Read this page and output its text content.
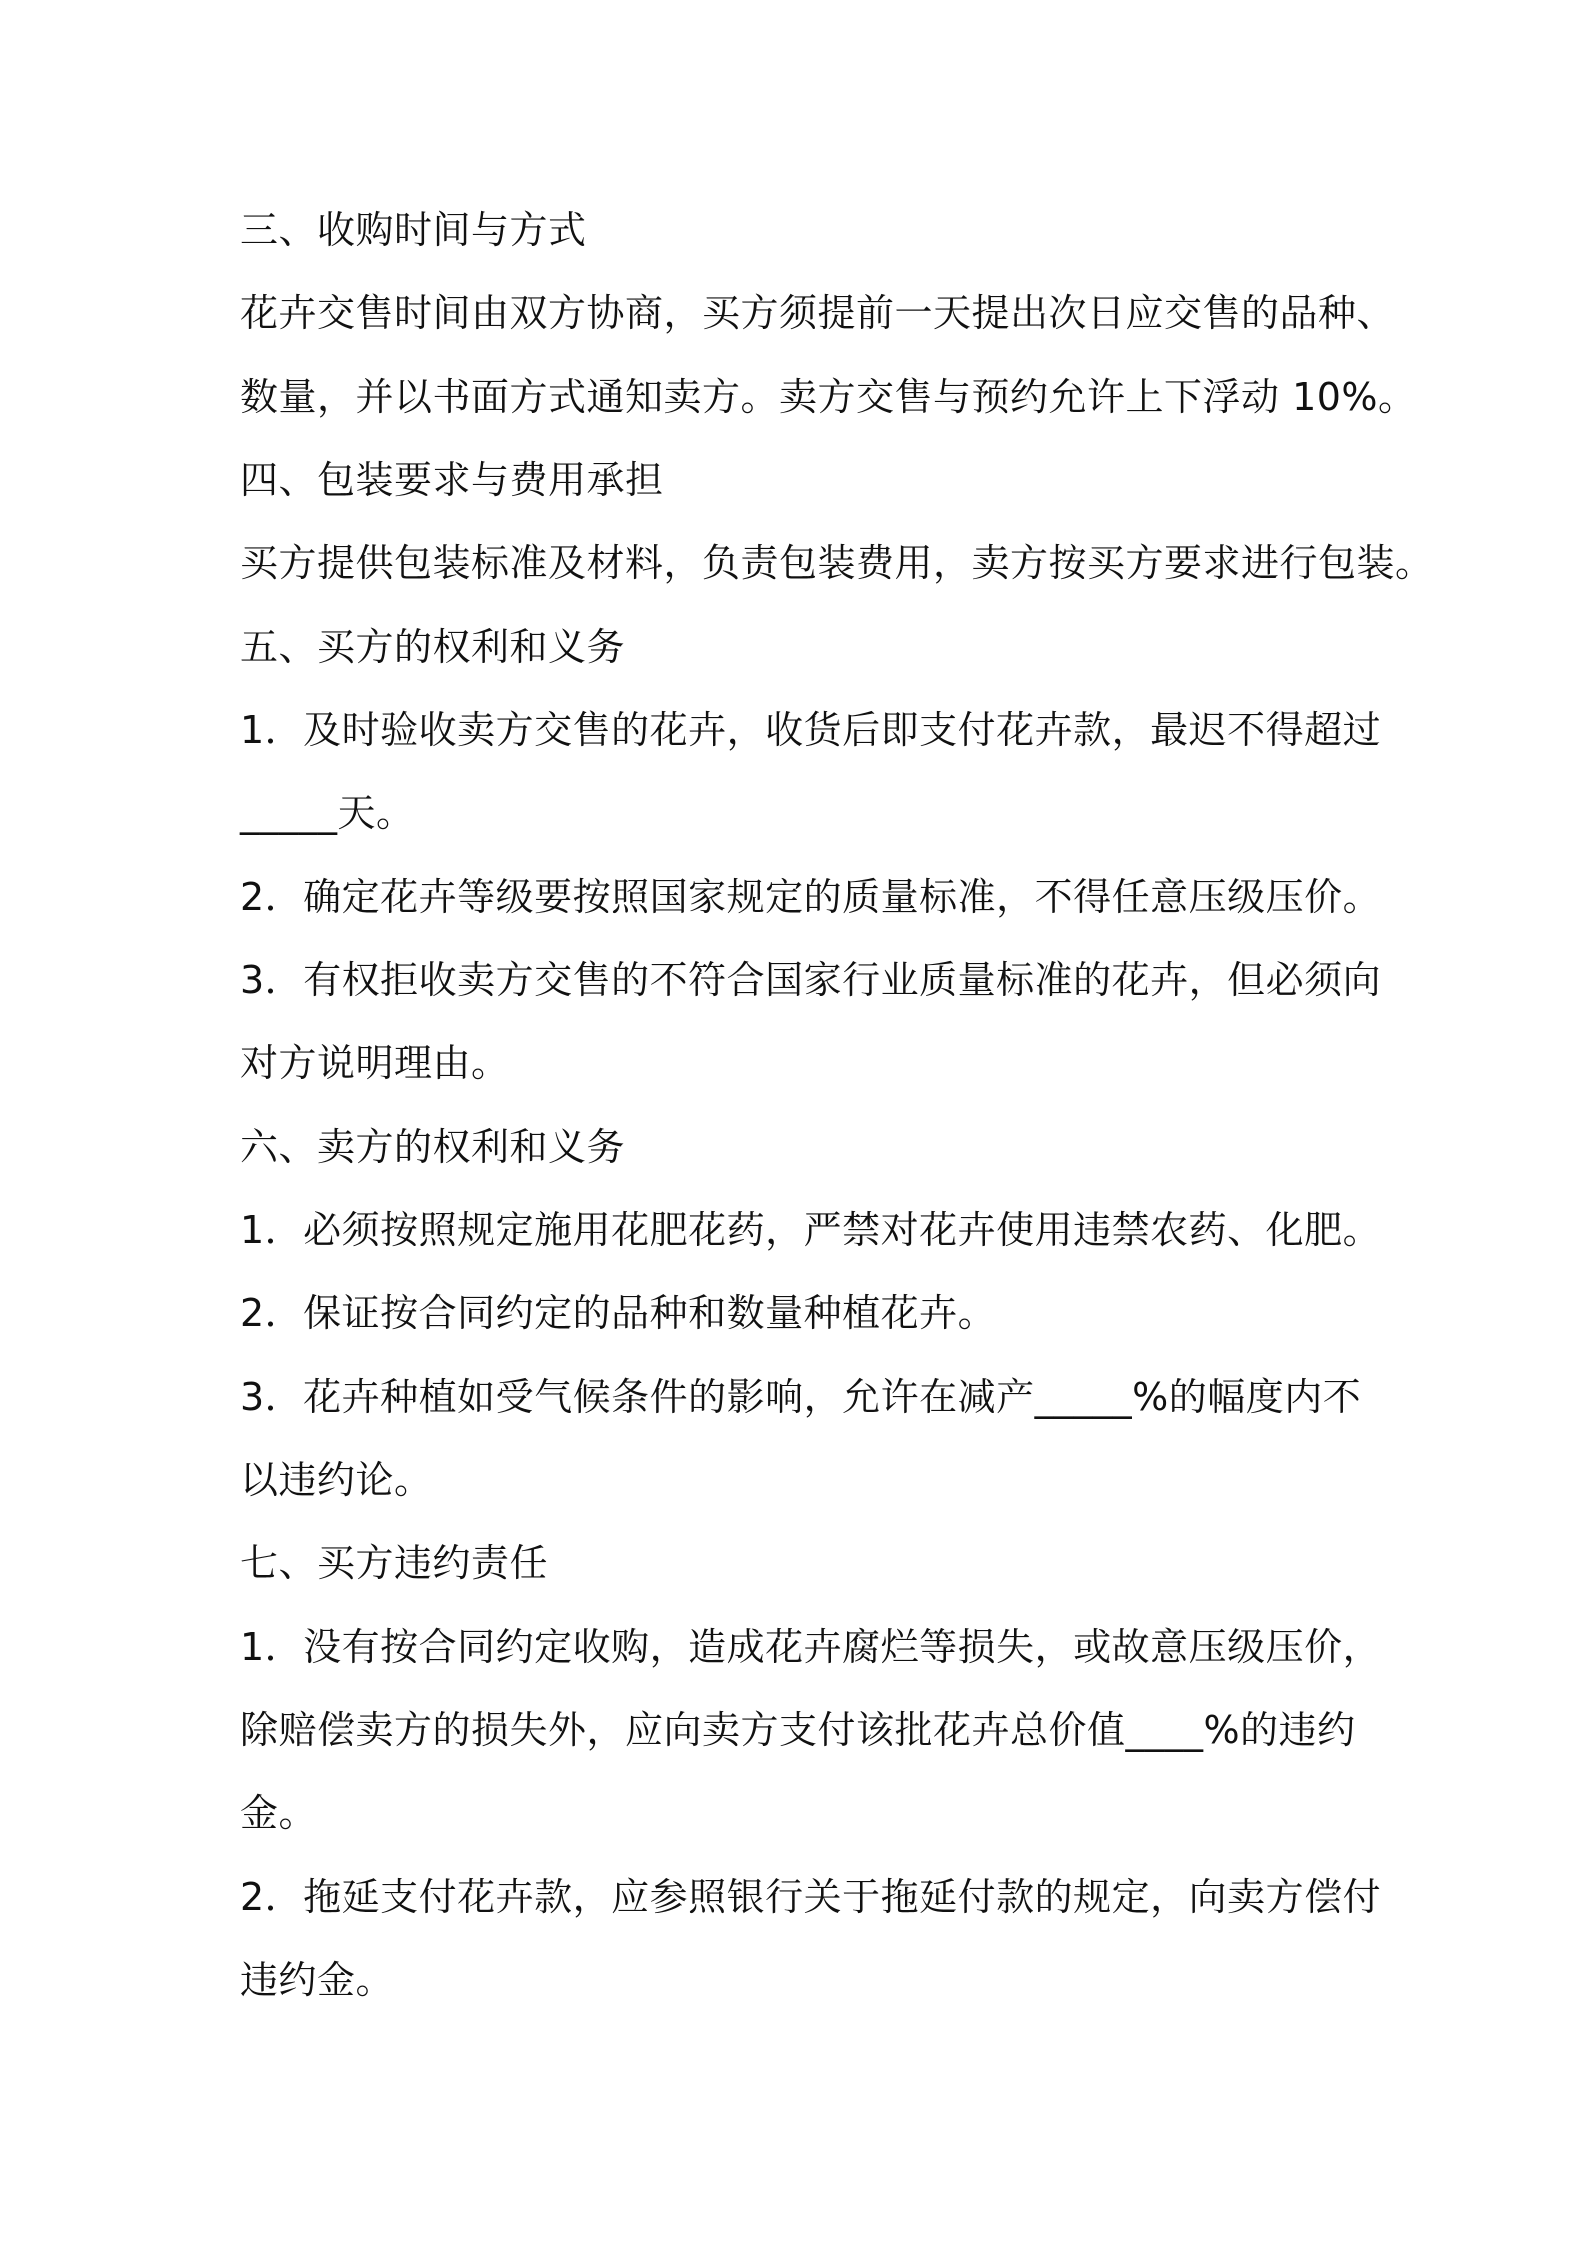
三、收购时间与方式

花卉交售时间由双方协商，买方须提前一天提出次日应交售的品种、

数量，并以书面方式通知卖方。卖方交售与预约允许上下浮动 10%。

四、包装要求与费用承担

买方提供包装标准及材料，负责包装费用，卖方按买方要求进行包装。

五、买方的权利和义务

1．及时验收卖方交售的花卉，收货后即支付花卉款，最迟不得超过

_____天。

2．确定花卉等级要按照国家规定的质量标准，不得任意压级压价。

3．有权拒收卖方交售的不符合国家行业质量标准的花卉，但必须向

对方说明理由。

六、卖方的权利和义务

1．必须按照规定施用花肥花药，严禁对花卉使用违禁农药、化肥。

2．保证按合同约定的品种和数量种植花卉。

3．花卉种植如受气候条件的影响，允许在减产_____%的幅度内不

以违约论。

七、买方违约责任

1．没有按合同约定收购，造成花卉腐烂等损失，或故意压级压价，

除赔偿卖方的损失外，应向卖方支付该批花卉总价值____%的违约

金。

2．拖延支付花卉款，应参照银行关于拖延付款的规定，向卖方偿付

违约金。
